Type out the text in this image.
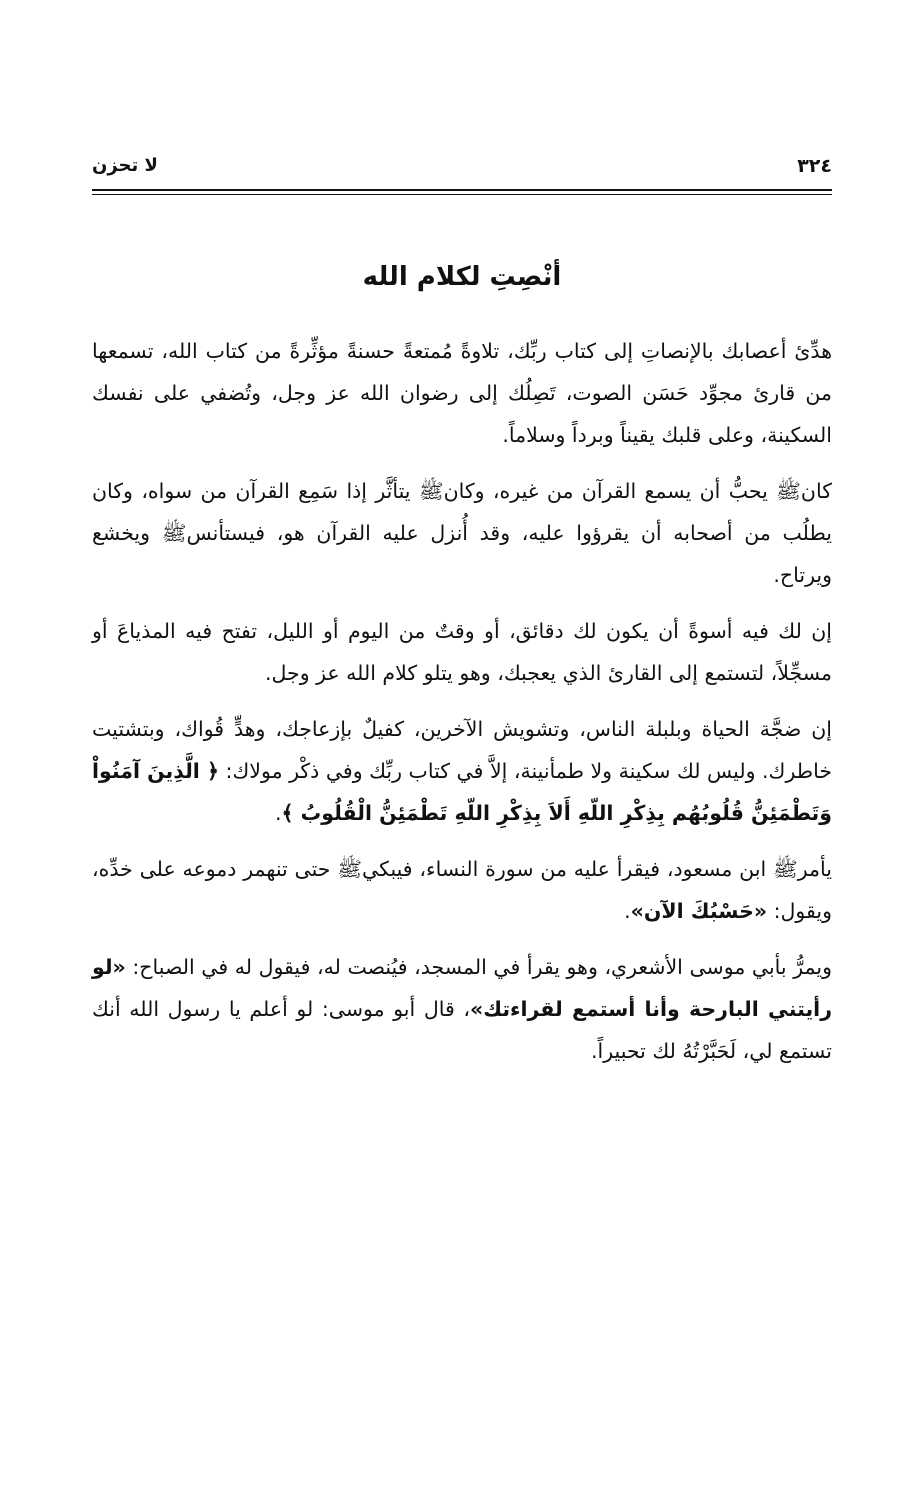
٣٢٤
لا تحزن
أنْصِتِ لكلام الله

هدِّئ أعصابك بالإنصاتِ إلى كتاب ربِّك، تلاوةً مُمتعةً حسنةً مؤثِّرةً من كتاب الله، تسمعها من قارئ مجوِّد حَسَن الصوت، تَصِلُك إلى رضوان الله عز وجل، وتُضفي على نفسك السكينة، وعلى قلبك يقيناً وبرداً وسلاماً.

كانﷺ يحبُّ أن يسمع القرآن من غيره، وكانﷺ يتأثَّر إذا سَمِع القرآن من سواه، وكان يطلُب من أصحابه أن يقرؤوا عليه، وقد أُنزل عليه القرآن هو، فيستأنسﷺ ويخشع ويرتاح.

إن لك فيه أسوةً أن يكون لك دقائق، أو وقتٌ من اليوم أو الليل، تفتح فيه المذياعَ أو مسجِّلاً، لتستمع إلى القارئ الذي يعجبك، وهو يتلو كلام الله عز وجل.

إن ضجَّة الحياة وبلبلة الناس، وتشويش الآخرين، كفيلٌ بإزعاجك، وهدٍّ قُواك، وبتشتيت خاطرك. وليس لك سكينة ولا طمأنينة، إلاَّ في كتاب ربِّك وفي ذكْر مولاك: ﴿ الَّذِينَ آمَنُواْ وَتَطْمَئِنُّ قُلُوبُهُم بِذِكْرِ اللّهِ أَلاَ بِذِكْرِ اللّهِ تَطْمَئِنُّ الْقُلُوبُ ﴾.

يأمرﷺ ابن مسعود، فيقرأ عليه من سورة النساء، فيبكيﷺ حتى تنهمر دموعه على خدِّه، ويقول: «حَسْبُكَ الآن».

ويمرُّ بأبي موسى الأشعري، وهو يقرأ في المسجد، فيُنصت له، فيقول له في الصباح: «لو رأيتني البارحة وأنا أستمع لقراءتك»، قال أبو موسى: لو أعلم يا رسول الله أنك تستمع لي، لَحَبَّرْتُهُ لك تحبيراً.
